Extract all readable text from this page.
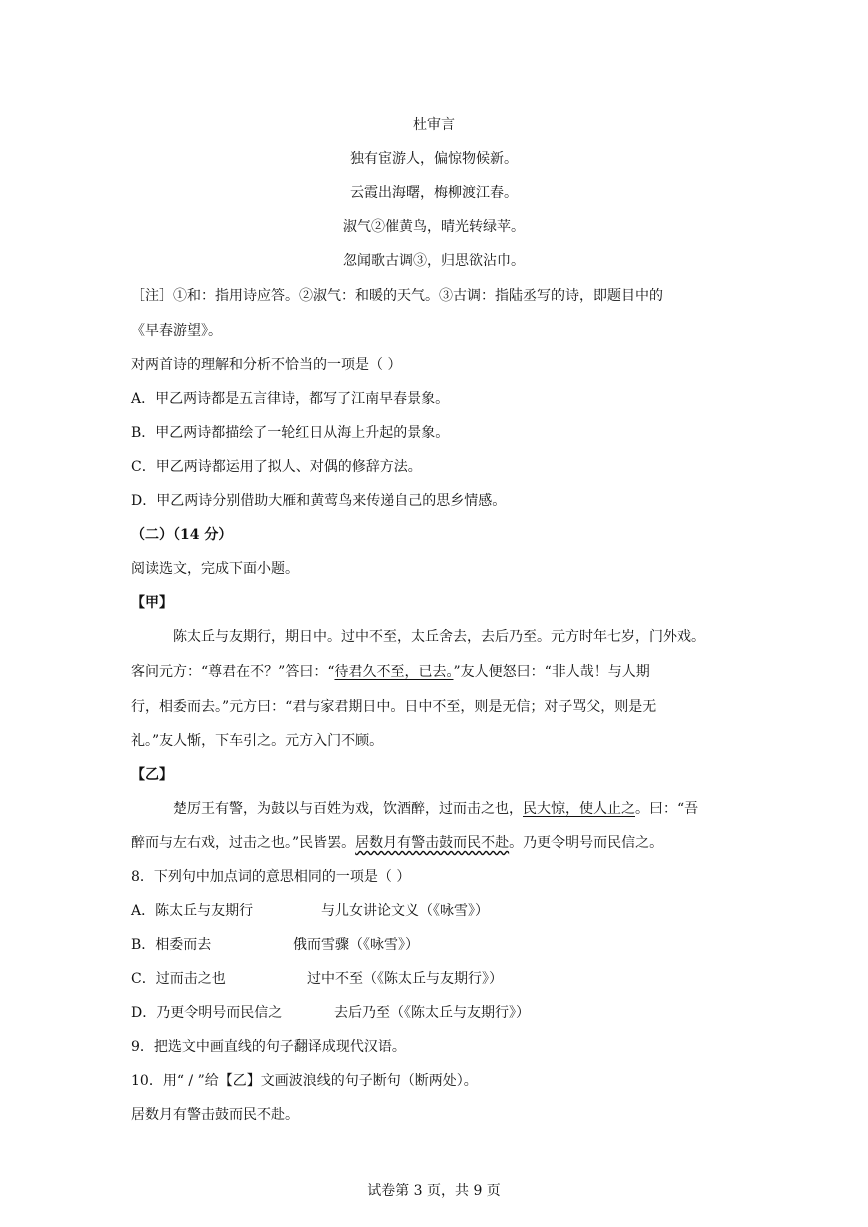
杜审言
独有宦游人，偏惊物候新。
云霞出海曙，梅柳渡江春。
淑气②催黄鸟，晴光转绿苹。
忽闻歌古调③，归思欲沾巾。
［注］①和：指用诗应答。②淑气：和暖的天气。③古调：指陆丞写的诗，即题目中的
《早春游望》。
对两首诗的理解和分析不恰当的一项是（ ）
A．甲乙两诗都是五言律诗，都写了江南早春景象。
B．甲乙两诗都描绘了一轮红日从海上升起的景象。
C．甲乙两诗都运用了拟人、对偶的修辞方法。
D．甲乙两诗分别借助大雁和黄莺鸟来传递自己的思乡情感。
（二）（14 分）
阅读选文，完成下面小题。
【甲】
陈太丘与友期行，期日中。过中不至，太丘舍去，去后乃至。元方时年七岁，门外戏。
客问元方：“尊君在不？”答曰：“待君久不至，已去。”友人便怒曰：“非人哉！与人期
行，相委而去。”元方曰：“君与家君期日中。日中不至，则是无信；对子骂父，则是无
礼。”友人惭，下车引之。元方入门不顾。
【乙】
楚厉王有警，为鼓以与百姓为戏，饮酒醉，过而击之也，民大惊，使人止之。曰：“吾
醉而与左右戏，过击之也。”民皆罢。居数月有警击鼓而民不赴。乃更令明号而民信之。
8．下列句中加点词的意思相同的一项是（ ）
A．陈太丘与友期行	与儿女讲论文义（《咏雪》）
B．相委而去	俄而雪骤（《咏雪》）
C．过而击之也	过中不至（《陈太丘与友期行》）
D．乃更令明号而民信之	去后乃至（《陈太丘与友期行》）
9．把选文中画直线的句子翻译成现代汉语。
10．用“ / ”给【乙】文画波浪线的句子断句（断两处）。
居数月有警击鼓而民不赴。
试卷第 3 页，共 9 页
